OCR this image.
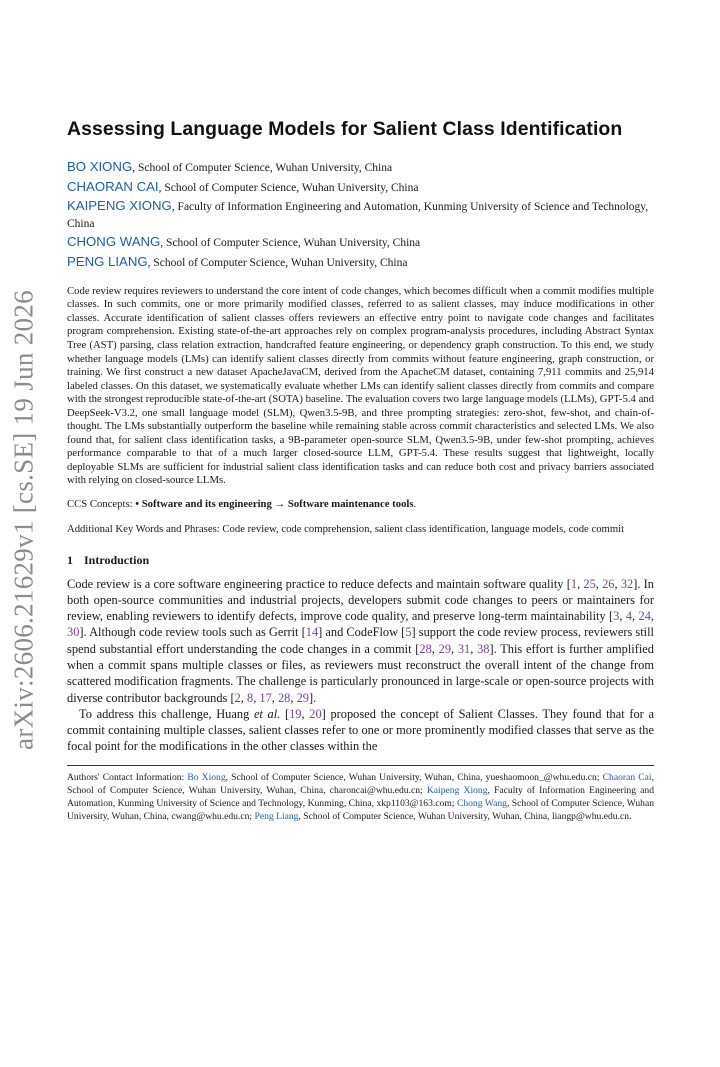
arXiv:2606.21629v1 [cs.SE] 19 Jun 2026
Assessing Language Models for Salient Class Identification

BO XIONG, School of Computer Science, Wuhan University, China

CHAORAN CAI, School of Computer Science, Wuhan University, China

KAIPENG XIONG, Faculty of Information Engineering and Automation, Kunming University of Science and Technology, China

CHONG WANG, School of Computer Science, Wuhan University, China

PENG LIANG, School of Computer Science, Wuhan University, China

Code review requires reviewers to understand the core intent of code changes, which becomes difficult when a commit modifies multiple classes. In such commits, one or more primarily modified classes, referred to as salient classes, may induce modifications in other classes. Accurate identification of salient classes offers reviewers an effective entry point to navigate code changes and facilitates program comprehension. Existing state-of-the-art approaches rely on complex program-analysis procedures, including Abstract Syntax Tree (AST) parsing, class relation extraction, handcrafted feature engineering, or dependency graph construction. To this end, we study whether language models (LMs) can identify salient classes directly from commits without feature engineering, graph construction, or training. We first construct a new dataset ApacheJavaCM, derived from the ApacheCM dataset, containing 7,911 commits and 25,914 labeled classes. On this dataset, we systematically evaluate whether LMs can identify salient classes directly from commits and compare with the strongest reproducible state-of-the-art (SOTA) baseline. The evaluation covers two large language models (LLMs), GPT-5.4 and DeepSeek-V3.2, one small language model (SLM), Qwen3.5-9B, and three prompting strategies: zero-shot, few-shot, and chain-of-thought. The LMs substantially outperform the baseline while remaining stable across commit characteristics and selected LMs. We also found that, for salient class identification tasks, a 9B-parameter open-source SLM, Qwen3.5-9B, under few-shot prompting, achieves performance comparable to that of a much larger closed-source LLM, GPT-5.4. These results suggest that lightweight, locally deployable SLMs are sufficient for industrial salient class identification tasks and can reduce both cost and privacy barriers associated with relying on closed-source LLMs.

CCS Concepts: • Software and its engineering → Software maintenance tools.
Additional Key Words and Phrases: Code review, code comprehension, salient class identification, language models, code commit
1 Introduction

Code review is a core software engineering practice to reduce defects and maintain software quality [1, 25, 26, 32]. In both open-source communities and industrial projects, developers submit code changes to peers or maintainers for review, enabling reviewers to identify defects, improve code quality, and preserve long-term maintainability [3, 4, 24, 30]. Although code review tools such as Gerrit [14] and CodeFlow [5] support the code review process, reviewers still spend substantial effort understanding the code changes in a commit [28, 29, 31, 38]. This effort is further amplified when a commit spans multiple classes or files, as reviewers must reconstruct the overall intent of the change from scattered modification fragments. The challenge is particularly pronounced in large-scale or open-source projects with diverse contributor backgrounds [2, 8, 17, 28, 29].

To address this challenge, Huang et al. [19, 20] proposed the concept of Salient Classes. They found that for a commit containing multiple classes, salient classes refer to one or more prominently modified classes that serve as the focal point for the modifications in the other classes within the

Authors' Contact Information: Bo Xiong, School of Computer Science, Wuhan University, Wuhan, China, yueshaomoon_@whu.edu.cn; Chaoran Cai, School of Computer Science, Wuhan University, Wuhan, China, charoncai@whu.edu.cn; Kaipeng Xiong, Faculty of Information Engineering and Automation, Kunming University of Science and Technology, Kunming, China, xkp1103@163.com; Chong Wang, School of Computer Science, Wuhan University, Wuhan, China, cwang@whu.edu.cn; Peng Liang, School of Computer Science, Wuhan University, Wuhan, China, liangp@whu.edu.cn.
